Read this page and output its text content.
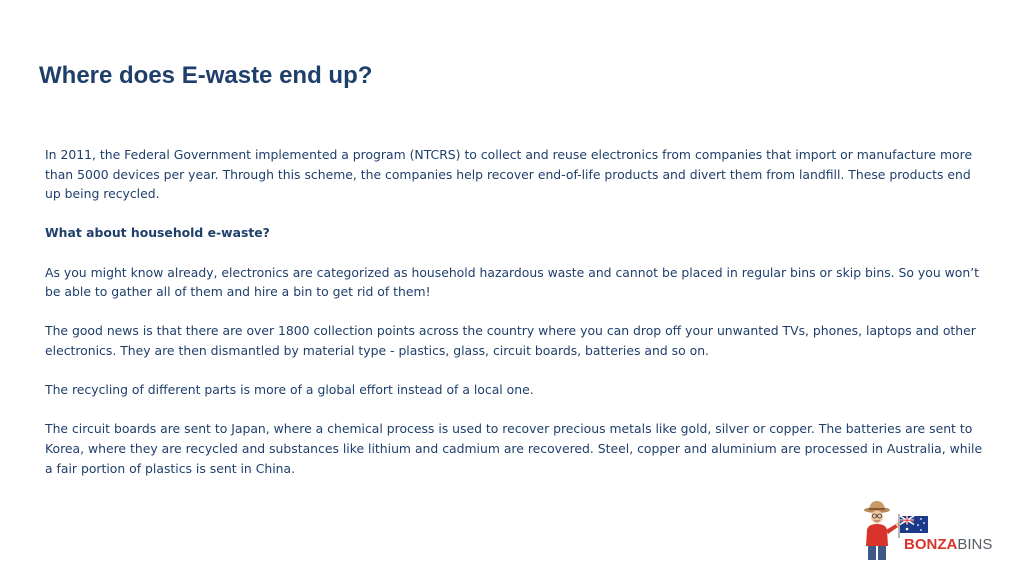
Where does E-waste end up?

In 2011, the Federal Government implemented a program (NTCRS) to collect and reuse electronics from companies that import or manufacture more than 5000 devices per year. Through this scheme, the companies help recover end-of-life products and divert them from landfill. These products end up being recycled.

What about household e-waste?

As you might know already, electronics are categorized as household hazardous waste and cannot be placed in regular bins or skip bins. So you won’t be able to gather all of them and hire a bin to get rid of them!

The good news is that there are over 1800 collection points across the country where you can drop off your unwanted TVs, phones, laptops and other electronics. They are then dismantled by material type - plastics, glass, circuit boards, batteries and so on.

The recycling of different parts is more of a global effort instead of a local one.

The circuit boards are sent to Japan, where a chemical process is used to recover precious metals like gold, silver or copper. The batteries are sent to Korea, where they are recycled and substances like lithium and cadmium are recovered. Steel, copper and aluminium are processed in Australia, while a fair portion of plastics is sent in China.

BONZABINS
